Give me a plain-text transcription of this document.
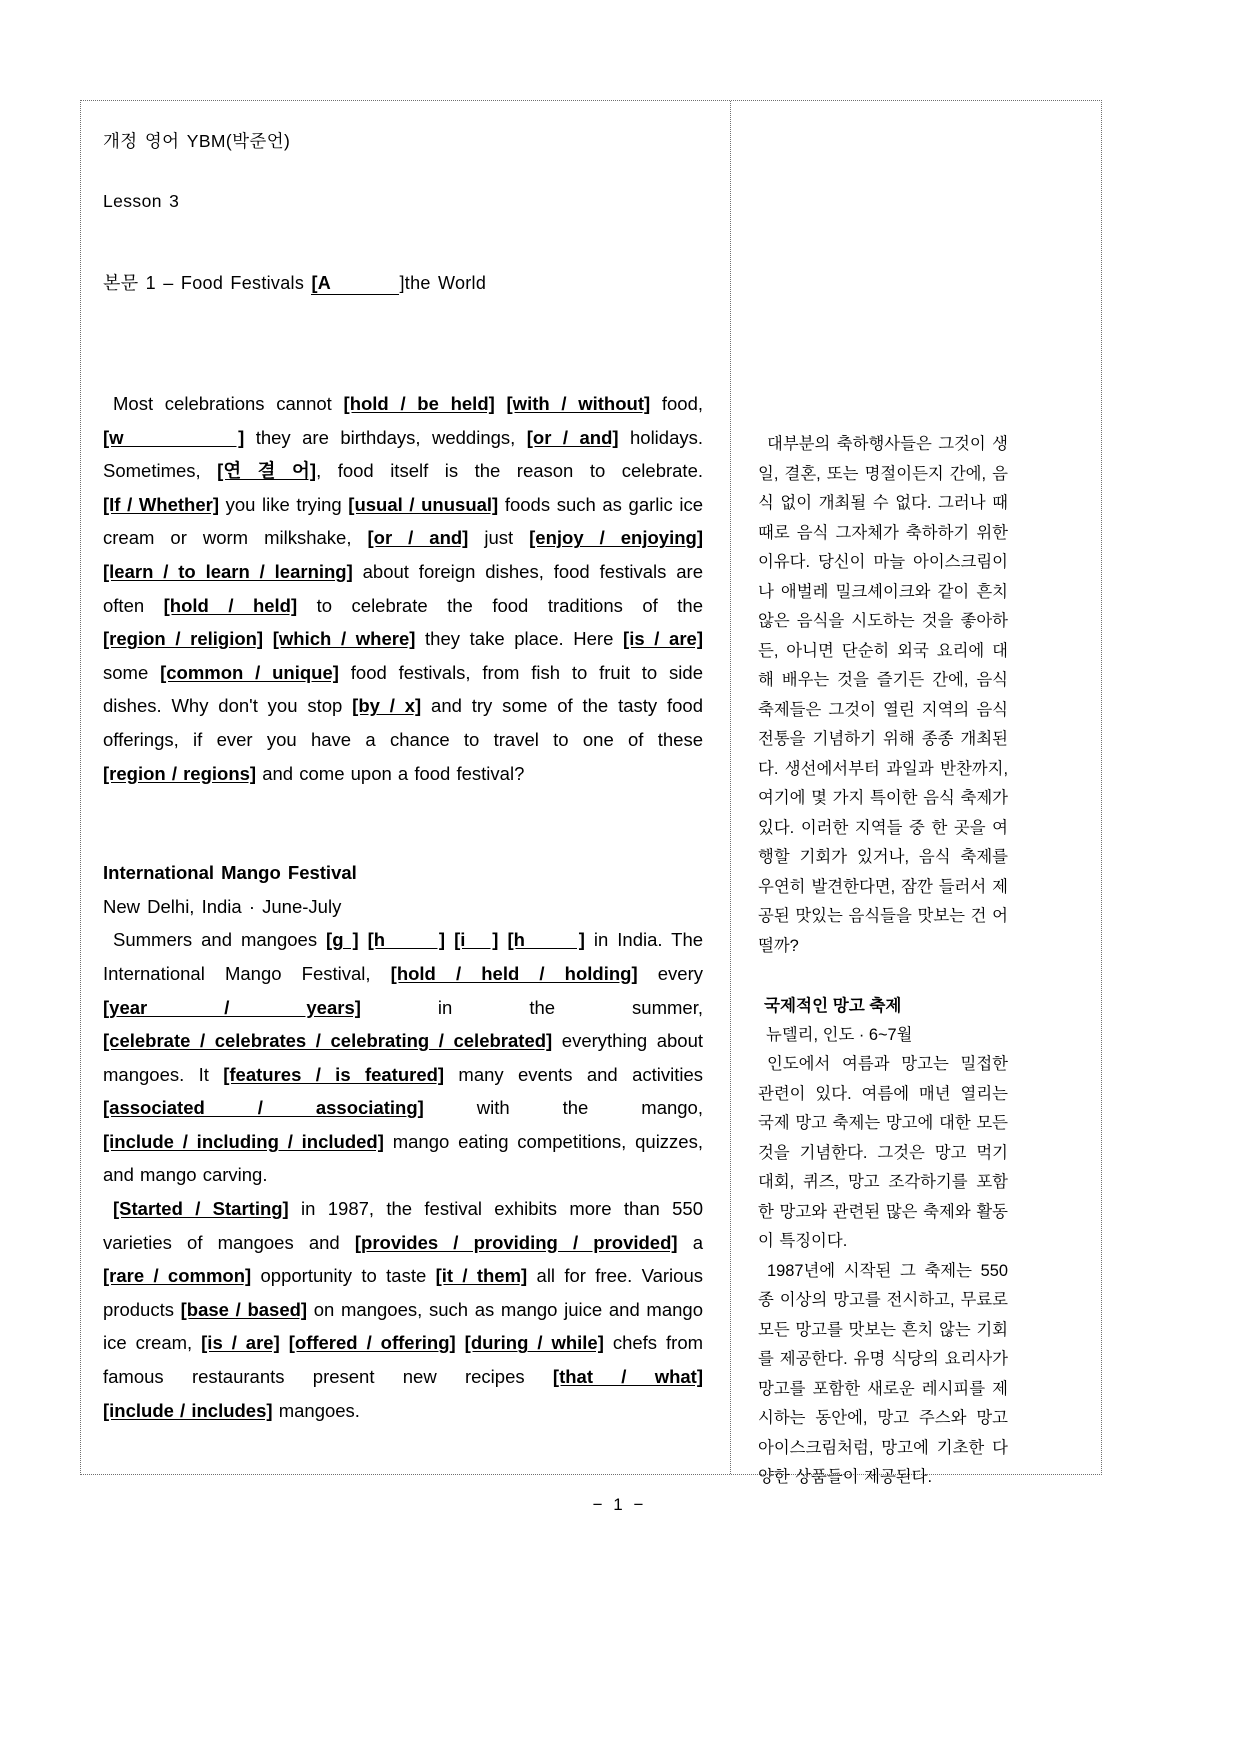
개정 영어 YBM(박준언)
Lesson 3
본문 1 – Food Festivals [A	]the World

Most celebrations cannot [hold / be held] [with / without] food, [w          ] they are birthdays, weddings, [or / and] holidays. Sometimes, [연 결 어], food itself is the reason to celebrate. [If / Whether] you like trying [usual / unusual] foods such as garlic ice cream or worm milkshake, [or / and] just [enjoy / enjoying] [learn / to learn / learning] about foreign dishes, food festivals are often [hold / held] to celebrate the food traditions of the [region / religion] [which / where] they take place. Here [is / are] some [common / unique] food festivals, from fish to fruit to side dishes. Why don't you stop [by / x] and try some of the tasty food offerings, if ever you have a chance to travel to one of these [region / regions] and come upon a food festival?

International Mango Festival

New Delhi, India · June-July

Summers and mangoes [g ] [h      ] [i   ] [h      ] in India. The International Mango Festival, [hold / held / holding] every [year / years] in the summer, [celebrate / celebrates / celebrating / celebrated] everything about mangoes. It [features / is featured] many events and activities [associated / associating] with the mango, [include / including / included] mango eating competitions, quizzes, and mango carving.

[Started / Starting] in 1987, the festival exhibits more than 550 varieties of mangoes and [provides / providing / provided] a [rare / common] opportunity to taste [it / them] all for free. Various products [base / based] on mangoes, such as mango juice and mango ice cream, [is / are] [offered / offering] [during / while] chefs from famous restaurants present new recipes [that / what] [include / includes] mangoes.

대부분의 축하행사들은 그것이 생일, 결혼, 또는 명절이든지 간에, 음식 없이 개최될 수 없다. 그러나 때때로 음식 그자체가 축하하기 위한 이유다. 당신이 마늘 아이스크림이나 애벌레 밀크셰이크와 같이 흔치않은 음식을 시도하는 것을 좋아하든, 아니면 단순히 외국 요리에 대해 배우는 것을 즐기든 간에, 음식 축제들은 그것이 열린 지역의 음식 전통을 기념하기 위해 종종 개최된다. 생선에서부터 과일과 반찬까지, 여기에 몇 가지 특이한 음식 축제가 있다. 이러한 지역들 중 한 곳을 여행할 기회가 있거나, 음식 축제를 우연히 발견한다면, 잠깐 들러서 제공된 맛있는 음식들을 맛보는 건 어떨까?

국제적인 망고 축제

뉴델리, 인도 · 6~7월

인도에서 여름과 망고는 밀접한 관련이 있다. 여름에 매년 열리는 국제 망고 축제는 망고에 대한 모든 것을 기념한다. 그것은 망고 먹기 대회, 퀴즈, 망고 조각하기를 포함한 망고와 관련된 많은 축제와 활동이 특징이다.

1987년에 시작된 그 축제는 550종 이상의 망고를 전시하고, 무료로 모든 망고를 맛보는 흔치 않는 기회를 제공한다. 유명 식당의 요리사가 망고를 포함한 새로운 레시피를 제시하는 동안에, 망고 주스와 망고 아이스크림처럼, 망고에 기초한 다양한 상품들이 제공된다.

− 1 −
